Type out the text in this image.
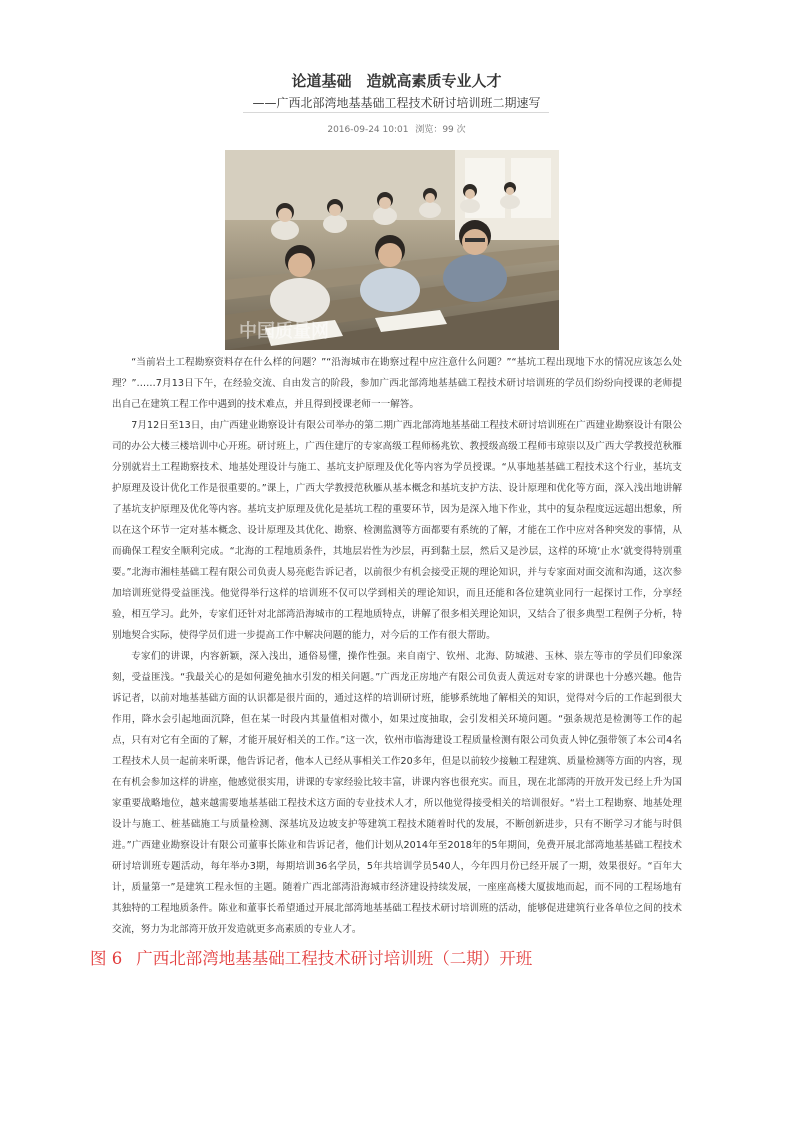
论道基础　造就高素质专业人才
——广西北部湾地基基础工程技术研讨培训班二期速写
2016-09-24 10:01 浏览：99 次
中国质量网

“当前岩土工程勘察资料存在什么样的问题？”“沿海城市在勘察过程中应注意什么问题？”“基坑工程出现地下水的情况应该怎么处理？”……7月13日下午，在经验交流、自由发言的阶段，参加广西北部湾地基基础工程技术研讨培训班的学员们纷纷向授课的老师提出自己在建筑工程工作中遇到的技术难点，并且得到授课老师一一解答。

7月12日至13日，由广西建业勘察设计有限公司举办的第二期广西北部湾地基基础工程技术研讨培训班在广西建业勘察设计有限公司的办公大楼三楼培训中心开班。研讨班上，广西住建厅的专家高级工程师杨兆钦、教授级高级工程师韦琼崇以及广西大学教授范秋雁分别就岩土工程勘察技术、地基处理设计与施工、基坑支护原理及优化等内容为学员授课。“从事地基基础工程技术这个行业，基坑支护原理及设计优化工作是很重要的。”课上，广西大学教授范秋雁从基本概念和基坑支护方法、设计原理和优化等方面，深入浅出地讲解了基坑支护原理及优化等内容。基坑支护原理及优化是基坑工程的重要环节，因为是深入地下作业，其中的复杂程度远远超出想象，所以在这个环节一定对基本概念、设计原理及其优化、勘察、检测监测等方面都要有系统的了解，才能在工作中应对各种突发的事情，从而确保工程安全顺利完成。“北海的工程地质条件，其地层岩性为沙层，再到黏土层，然后又是沙层，这样的环境‘止水’就变得特别重要。”北海市湘桂基础工程有限公司负责人易亮彪告诉记者，以前很少有机会接受正规的理论知识，并与专家面对面交流和沟通，这次参加培训班觉得受益匪浅。他觉得举行这样的培训班不仅可以学到相关的理论知识，而且还能和各位建筑业同行一起探讨工作，分享经验，相互学习。此外，专家们还针对北部湾沿海城市的工程地质特点，讲解了很多相关理论知识，又结合了很多典型工程例子分析，特别地契合实际，使得学员们进一步提高工作中解决问题的能力，对今后的工作有很大帮助。

专家们的讲课，内容新颖，深入浅出，通俗易懂，操作性强。来自南宁、钦州、北海、防城港、玉林、崇左等市的学员们印象深刻，受益匪浅。“我最关心的是如何避免抽水引发的相关问题。”广西龙正房地产有限公司负责人黄远对专家的讲课也十分感兴趣。他告诉记者，以前对地基基础方面的认识都是很片面的，通过这样的培训研讨班，能够系统地了解相关的知识，觉得对今后的工作起到很大作用，降水会引起地面沉降，但在某一时段内其量值相对微小，如果过度抽取，会引发相关环境问题。“强条规范是检测等工作的起点，只有对它有全面的了解，才能开展好相关的工作。”这一次，钦州市临海建设工程质量检测有限公司负责人钟亿强带领了本公司4名工程技术人员一起前来听课，他告诉记者，他本人已经从事相关工作20多年，但是以前较少接触工程建筑、质量检测等方面的内容，现在有机会参加这样的讲座，他感觉很实用，讲课的专家经验比较丰富，讲课内容也很充实。而且，现在北部湾的开放开发已经上升为国家重要战略地位，越来越需要地基基础工程技术这方面的专业技术人才，所以他觉得接受相关的培训很好。“岩土工程勘察、地基处理设计与施工、桩基础施工与质量检测、深基坑及边坡支护等建筑工程技术随着时代的发展，不断创新进步，只有不断学习才能与时俱进。”广西建业勘察设计有限公司董事长陈业和告诉记者，他们计划从2014年至2018年的5年期间，免费开展北部湾地基基础工程技术研讨培训班专题活动，每年举办3期，每期培训36名学员，5年共培训学员540人，今年四月份已经开展了一期，效果很好。“百年大计，质量第一”是建筑工程永恒的主题。随着广西北部湾沿海城市经济建设持续发展，一座座高楼大厦拔地而起，而不同的工程场地有其独特的工程地质条件。陈业和董事长希望通过开展北部湾地基基础工程技术研讨培训班的活动，能够促进建筑行业各单位之间的技术交流，努力为北部湾开放开发造就更多高素质的专业人才。

图 6 广西北部湾地基基础工程技术研讨培训班（二期）开班
